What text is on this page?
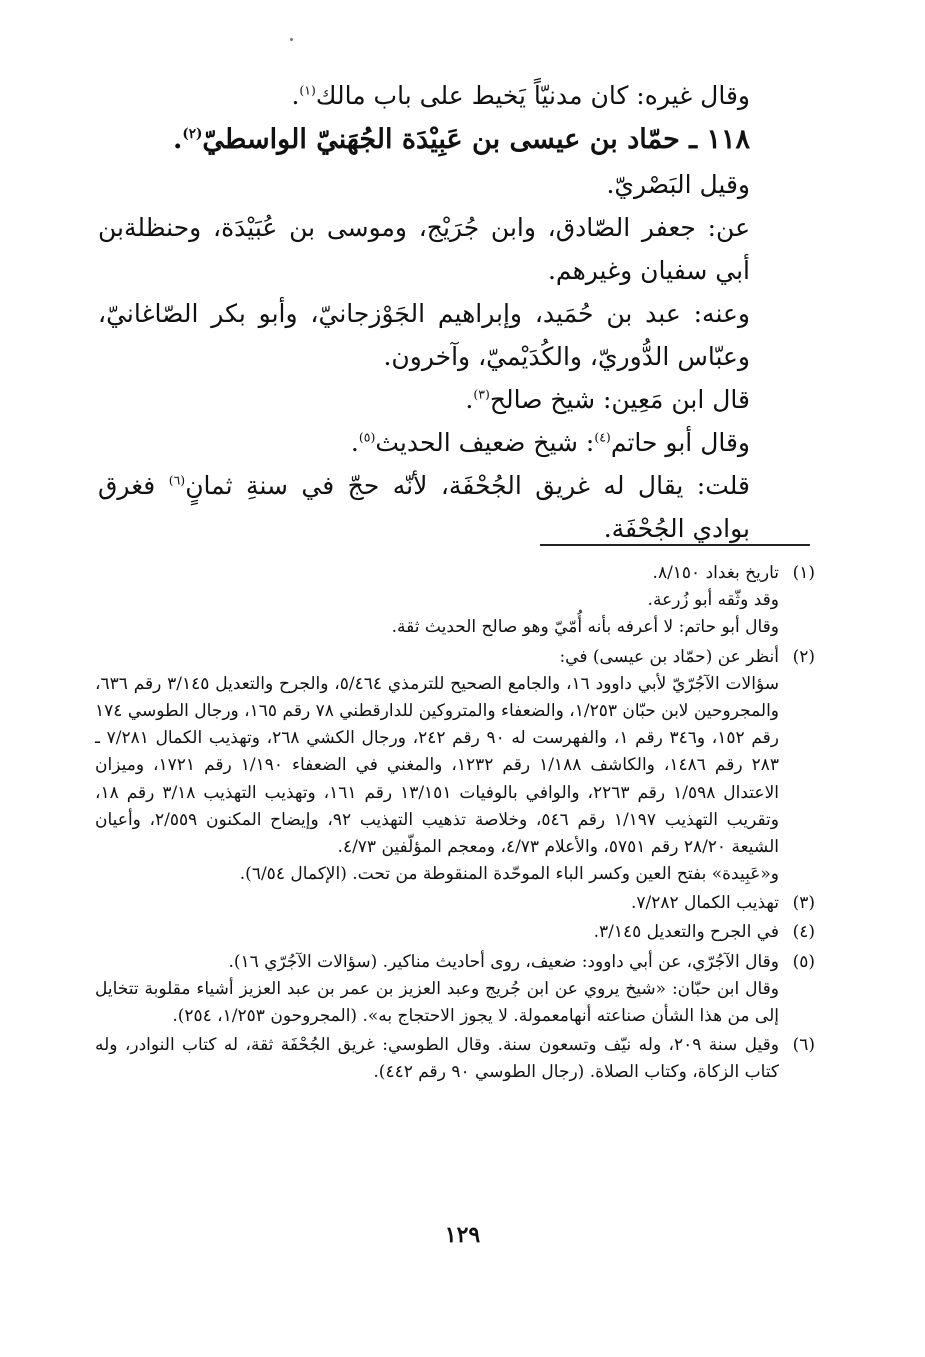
وقال غيره: كان مدنيّاً يَخيط على باب مالك$^{(١)}$.

١١٨ ـ حمّاد بن عيسى بن عَبِيْدَة الجُهَنيّ الواسطيّ$^{(٢)}$.

وقيل البَصْريّ.

عن: جعفر الصّادق، وابن جُرَيْج، وموسى بن عُبَيْدَة، وحنظلةبن أبي سفيان وغيرهم.

وعنه: عبد بن حُمَيد، وإبراهيم الجَوْزجانيّ، وأبو بكر الصّاغانيّ، وعبّاس الدُّوريّ، والكُدَيْميّ، وآخرون.

قال ابن مَعِين: شيخ صالح$^{(٣)}$.

وقال أبو حاتم$^{(٤)}$: شيخ ضعيف الحديث$^{(٥)}$.

قلت: يقال له غريق الجُحْفَة، لأنّه حجّ في سنةِ ثمانٍ$^{(٦)}$ فغرق بوادي الجُحْفَة.

(١)

تاريخ بغداد ٨/١٥٠.

وقد وثّقه أبو زُرعة.

وقال أبو حاتم: لا أعرفه بأنه أُمّيّ وهو صالح الحديث ثقة.

(٢)

أنظر عن (حمّاد بن عيسى) في:

سؤالات الآجُرّيّ لأبي داوود ١٦، والجامع الصحيح للترمذي ٥/٤٦٤، والجرح والتعديل ٣/١٤٥ رقم ٦٣٦، والمجروحين لابن حبّان ١/٢٥٣، والضعفاء والمتروكين للدارقطني ٧٨ رقم ١٦٥، ورجال الطوسي ١٧٤ رقم ١٥٢، و٣٤٦ رقم ١، والفهرست له ٩٠ رقم ٢٤٢، ورجال الكشي ٢٦٨، وتهذيب الكمال ٧/٢٨١ ـ ٢٨٣ رقم ١٤٨٦، والكاشف ١/١٨٨ رقم ١٢٣٢، والمغني في الضعفاء ١/١٩٠ رقم ١٧٢١، وميزان الاعتدال ١/٥٩٨ رقم ٢٢٦٣، والوافي بالوفيات ١٣/١٥١ رقم ١٦١، وتهذيب التهذيب ٣/١٨ رقم ١٨، وتقريب التهذيب ١/١٩٧ رقم ٥٤٦، وخلاصة تذهيب التهذيب ٩٢، وإيضاح المكنون ٢/٥٥٩، وأعيان الشيعة ٢٨/٢٠ رقم ٥٧٥١، والأعلام ٤/٧٣، ومعجم المؤلّفين ٤/٧٣.

و«عَبِيدة» بفتح العين وكسر الباء الموحّدة المنقوطة من تحت. (الإكمال ٦/٥٤).

(٣)

تهذيب الكمال ٧/٢٨٢.

(٤)

في الجرح والتعديل ٣/١٤٥.

(٥)

وقال الآجُرّي، عن أبي داوود: ضعيف، روى أحاديث مناكير. (سؤالات الآجُرّي ١٦).

وقال ابن حبّان: «شيخ يروي عن ابن جُريج وعبد العزيز بن عمر بن عبد العزيز أشياء مقلوبة تتخايل إلى من هذا الشأن صناعته أنهامعمولة. لا يجوز الاحتجاج به». (المجروحون ١/٢٥٣، ٢٥٤).

(٦)

وقيل سنة ٢٠٩، وله نيّف وتسعون سنة. وقال الطوسي: غريق الجُحْفَة ثقة، له كتاب النوادر، وله كتاب الزكاة، وكتاب الصلاة. (رجال الطوسي ٩٠ رقم ٤٤٢).

١٢٩
